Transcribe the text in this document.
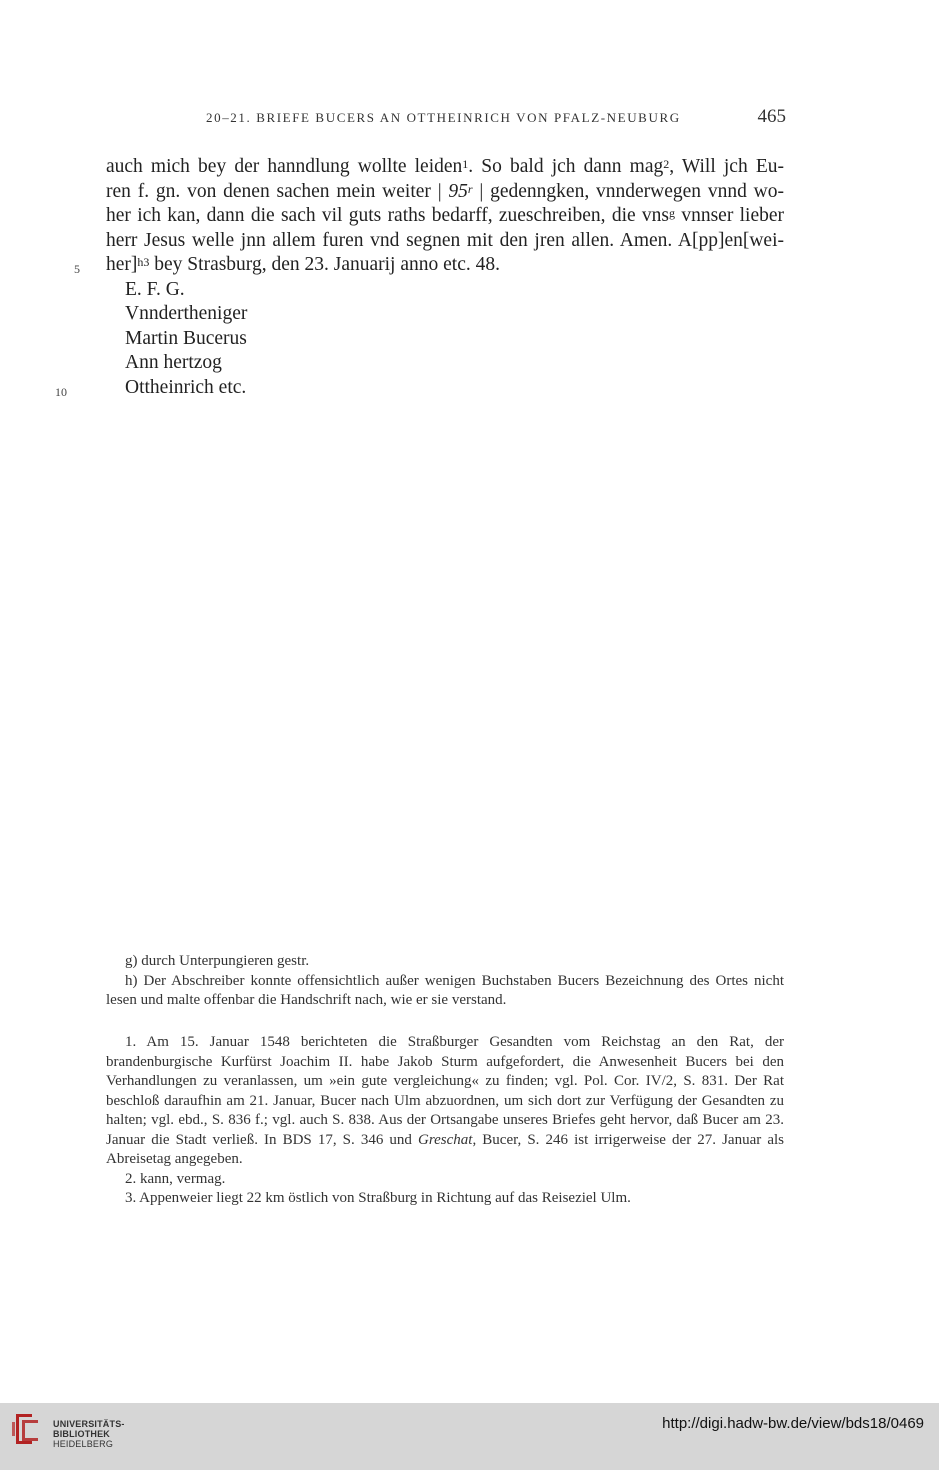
20–21. BRIEFE BUCERS AN OTTHEINRICH VON PFALZ-NEUBURG	465
auch mich bey der hanndlung wollte leiden$^1$. So bald jch dann mag$^2$, Will jch Eu-
ren f. gn. von denen sachen mein weiter | 95$^r$ | gedenngken, vnnderwegen vnnd wo-
her ich kan, dann die sach vil guts raths bedarff, zueschreiben, die vns$^g$ vnnser lieber
herr Jesus welle jnn allem furen vnd segnen mit den jren allen. Amen. A[pp]en[wei-
5 her]$^{h3}$ bey Strasburg, den 23. Januarij anno etc. 48.
E. F. G.
Vnndertheniger
Martin Bucerus
Ann hertzog
10	Ottheinrich etc.
g) durch Unterpungieren gestr.
h) Der Abschreiber konnte offensichtlich außer wenigen Buchstaben Bucers Bezeichnung des Ortes nicht lesen und malte offenbar die Handschrift nach, wie er sie verstand.
1. Am 15. Januar 1548 berichteten die Straßburger Gesandten vom Reichstag an den Rat, der brandenburgische Kurfürst Joachim II. habe Jakob Sturm aufgefordert, die Anwesenheit Bucers bei den Verhandlungen zu veranlassen, um »ein gute vergleichung« zu finden; vgl. Pol. Cor. IV/2, S. 831. Der Rat beschloß daraufhin am 21. Januar, Bucer nach Ulm abzuordnen, um sich dort zur Verfügung der Gesandten zu halten; vgl. ebd., S. 836 f.; vgl. auch S. 838. Aus der Ortsangabe unseres Briefes geht hervor, daß Bucer am 23. Januar die Stadt verließ. In BDS 17, S. 346 und Greschat, Bucer, S. 246 ist irrigerweise der 27. Januar als Abreisetag angegeben.
2. kann, vermag.
3. Appenweier liegt 22 km östlich von Straßburg in Richtung auf das Reiseziel Ulm.
UNIVERSITÄTS-
BIBLIOTHEK
HEIDELBERG
http://digi.hadw-bw.de/view/bds18/0469
